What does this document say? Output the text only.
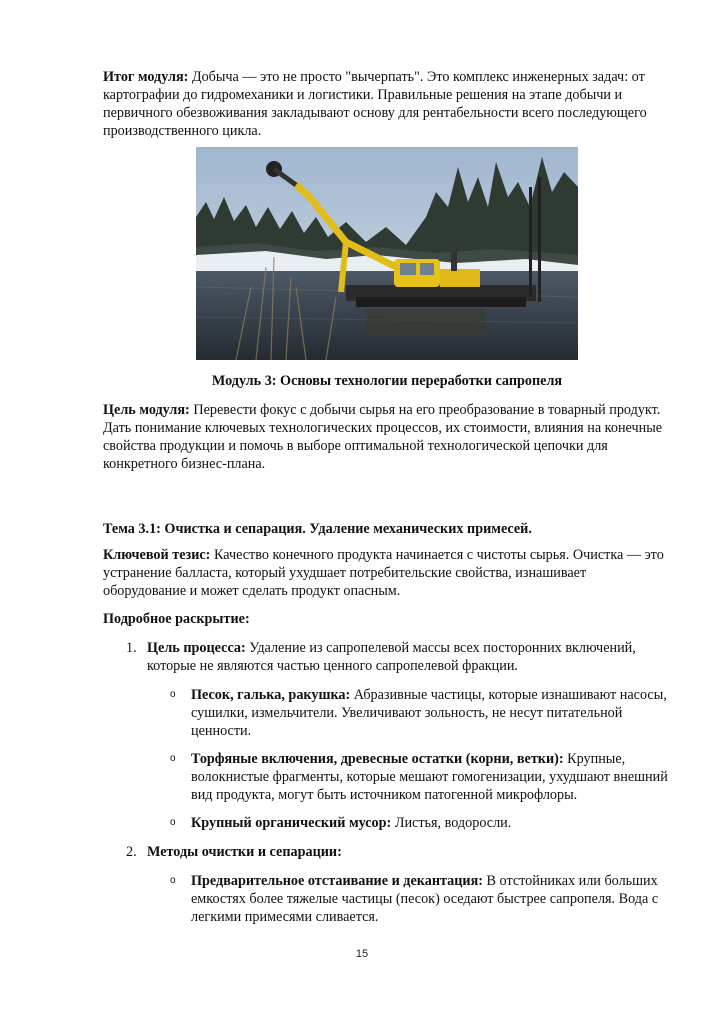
Итог модуля: Добыча — это не просто "вычерпать". Это комплекс инженерных задач: от картографии до гидромеханики и логистики. Правильные решения на этапе добычи и первичного обезвоживания закладывают основу для рентабельности всего последующего производственного цикла.

Модуль 3: Основы технологии переработки сапропеля

Цель модуля: Перевести фокус с добычи сырья на его преобразование в товарный продукт. Дать понимание ключевых технологических процессов, их стоимости, влияния на конечные свойства продукции и помочь в выборе оптимальной технологической цепочки для конкретного бизнес-плана.

Тема 3.1: Очистка и сепарация. Удаление механических примесей.

Ключевой тезис: Качество конечного продукта начинается с чистоты сырья. Очистка — это устранение балласта, который ухудшает потребительские свойства, изнашивает оборудование и может сделать продукт опасным.

Подробное раскрытие:

1. Цель процесса: Удаление из сапропелевой массы всех посторонних включений, которые не являются частью ценного сапропелевой фракции.

o Песок, галька, ракушка: Абразивные частицы, которые изнашивают насосы, сушилки, измельчители. Увеличивают зольность, не несут питательной ценности.

o Торфяные включения, древесные остатки (корни, ветки): Крупные, волокнистые фрагменты, которые мешают гомогенизации, ухудшают внешний вид продукта, могут быть источником патогенной микрофлоры.

o Крупный органический мусор: Листья, водоросли.

2. Методы очистки и сепарации:

o Предварительное отстаивание и декантация: В отстойниках или больших емкостях более тяжелые частицы (песок) оседают быстрее сапропеля. Вода с легкими примесями сливается.

15
